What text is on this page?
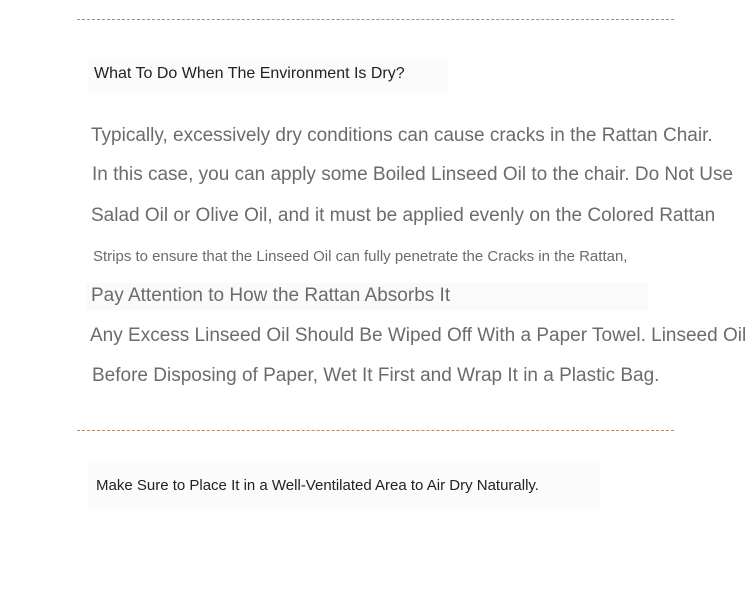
What To Do When The Environment Is Dry?
Typically, excessively dry conditions can cause cracks in the Rattan Chair.
In this case, you can apply some Boiled Linseed Oil to the chair. Do Not Use
Salad Oil or Olive Oil, and it must be applied evenly on the Colored Rattan
Strips to ensure that the Linseed Oil can fully penetrate the Cracks in the Rattan,
Pay Attention to How the Rattan Absorbs It
Any Excess Linseed Oil Should Be Wiped Off With a Paper Towel. Linseed Oil
Before Disposing of Paper, Wet It First and Wrap It in a Plastic Bag.
Make Sure to Place It in a Well-Ventilated Area to Air Dry Naturally.
